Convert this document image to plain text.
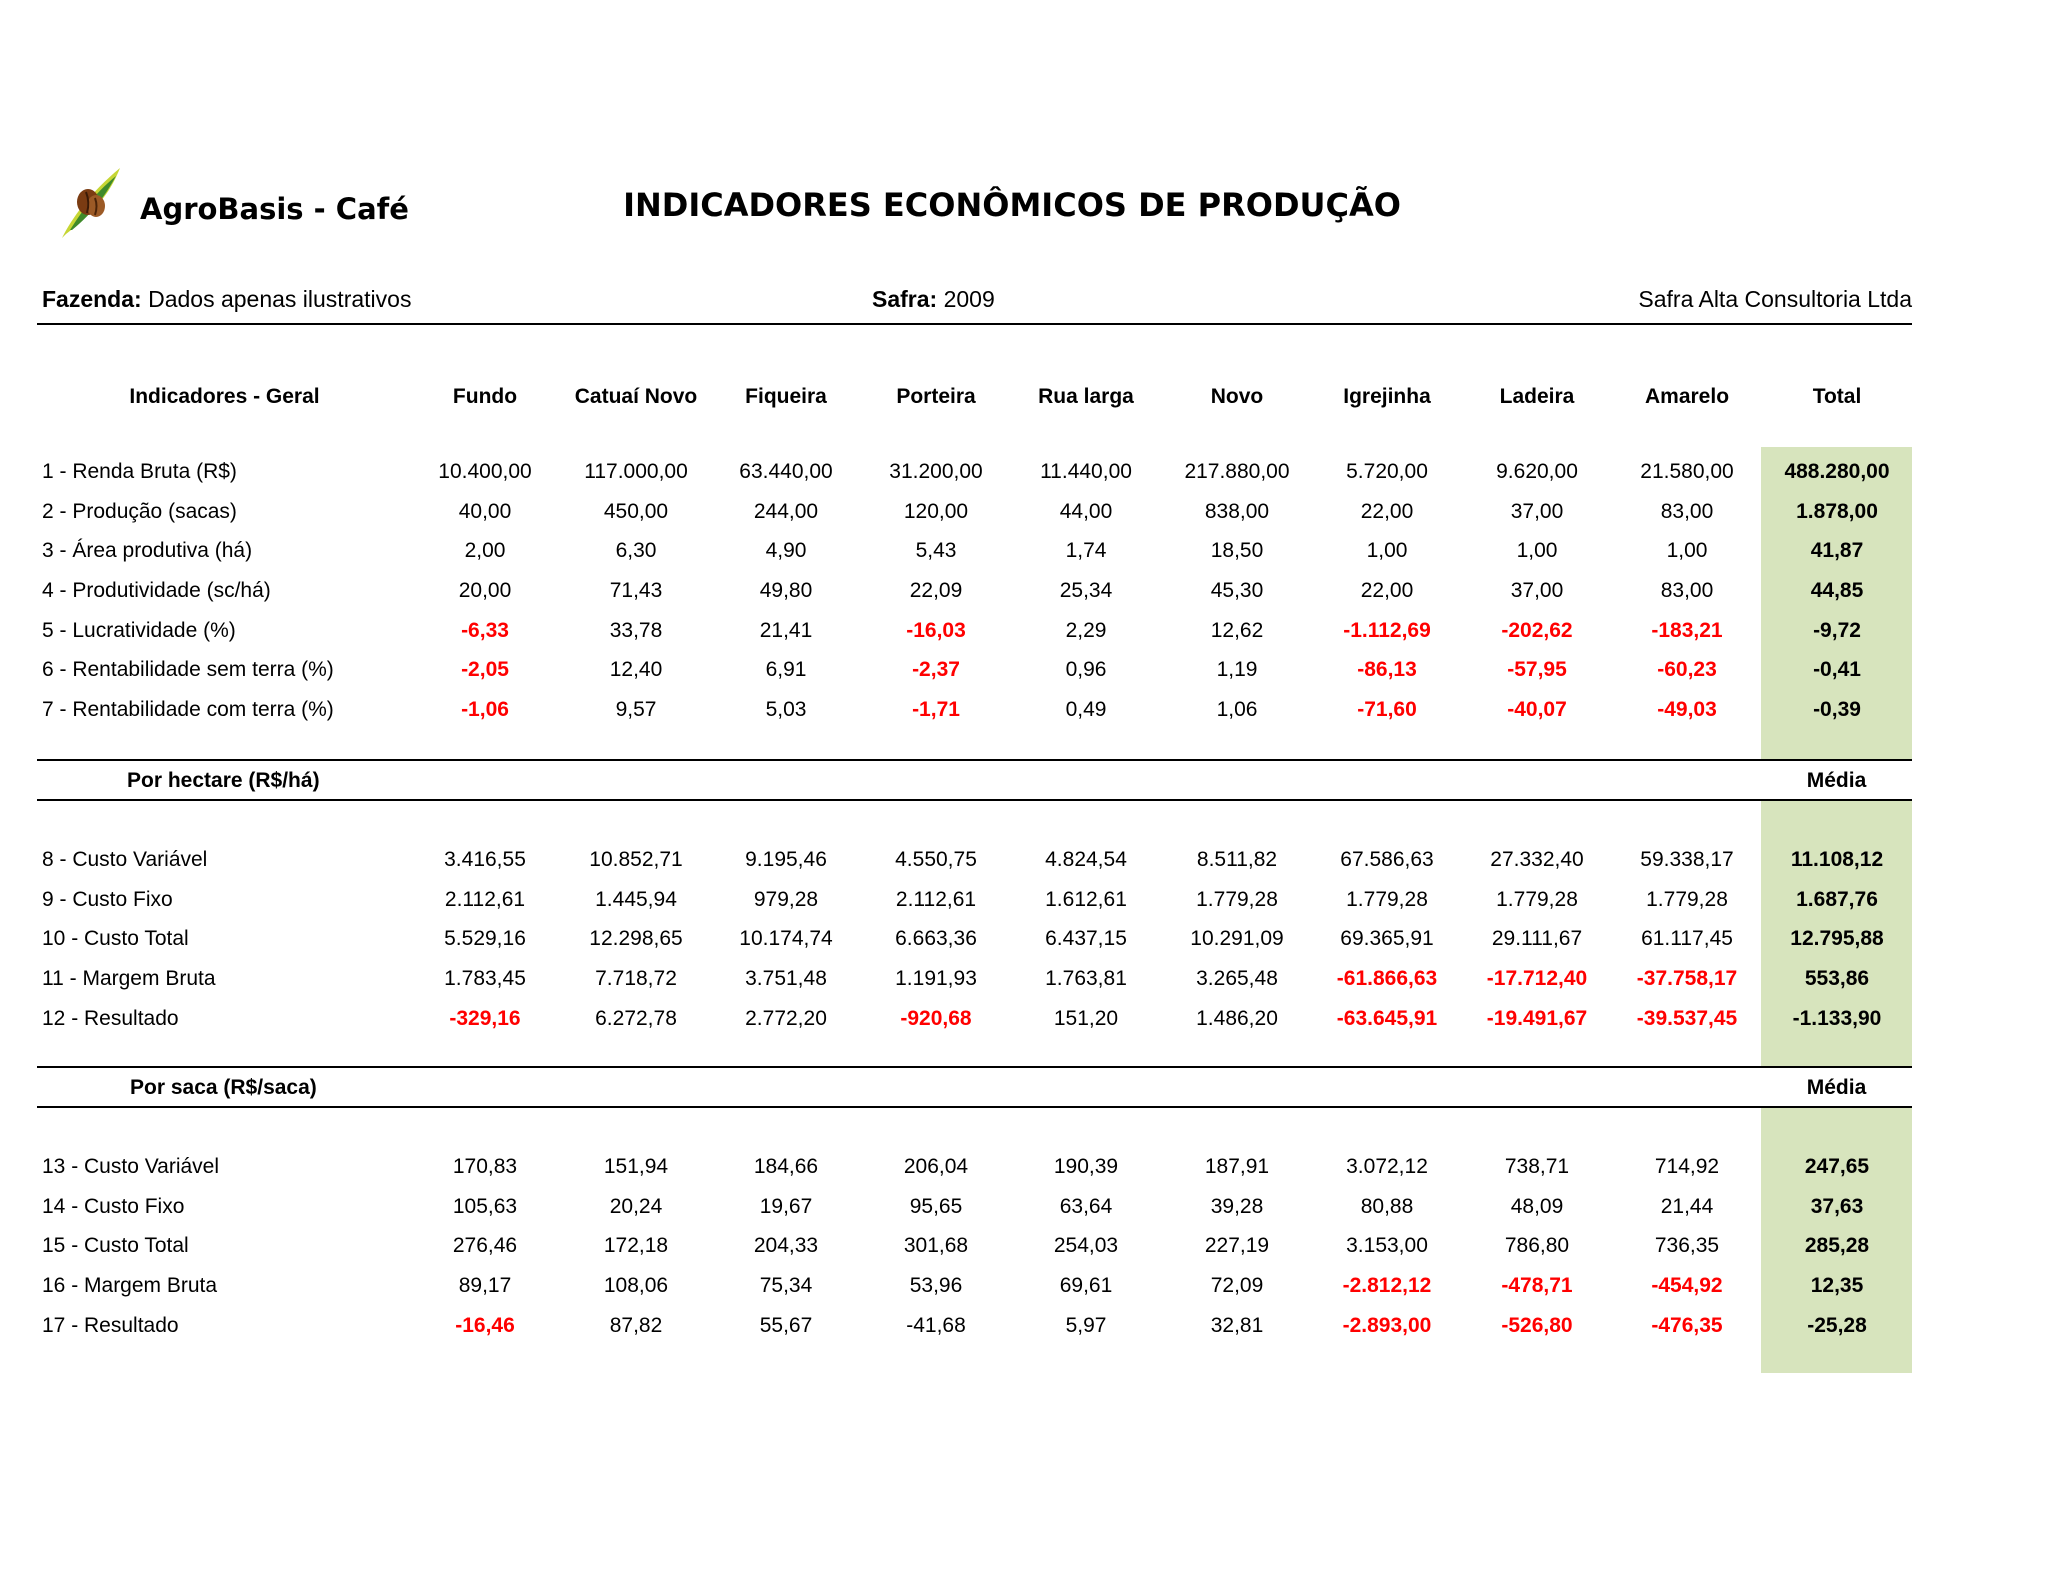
AgroBasis - Café	INDICADORES ECONÔMICOS DE PRODUÇÃO
Fazenda: Dados apenas ilustrativos	Safra: 2009	Safra Alta Consultoria Ltda
Por hectare (R$/há)	Média
Por saca (R$/saca)	Média
Indicadores - Geral	Fundo	Catuaí Novo	Fiqueira	Porteira	Rua larga	Novo	Igrejinha	Ladeira	Amarelo	Total
1 - Renda Bruta (R$)	10.400,00	117.000,00	63.440,00	31.200,00	11.440,00	217.880,00	5.720,00	9.620,00	21.580,00	488.280,00
2 - Produção (sacas)	40,00	450,00	244,00	120,00	44,00	838,00	22,00	37,00	83,00	1.878,00
3 - Área produtiva (há)	2,00	6,30	4,90	5,43	1,74	18,50	1,00	1,00	1,00	41,87
4 - Produtividade (sc/há)	20,00	71,43	49,80	22,09	25,34	45,30	22,00	37,00	83,00	44,85
5 - Lucratividade (%)	-6,33	33,78	21,41	-16,03	2,29	12,62	-1.112,69	-202,62	-183,21	-9,72
6 - Rentabilidade sem terra (%)	-2,05	12,40	6,91	-2,37	0,96	1,19	-86,13	-57,95	-60,23	-0,41
7 - Rentabilidade com terra (%)	-1,06	9,57	5,03	-1,71	0,49	1,06	-71,60	-40,07	-49,03	-0,39
8 - Custo Variável	3.416,55	10.852,71	9.195,46	4.550,75	4.824,54	8.511,82	67.586,63	27.332,40	59.338,17	11.108,12
9 - Custo Fixo	2.112,61	1.445,94	979,28	2.112,61	1.612,61	1.779,28	1.779,28	1.779,28	1.779,28	1.687,76
10 - Custo Total	5.529,16	12.298,65	10.174,74	6.663,36	6.437,15	10.291,09	69.365,91	29.111,67	61.117,45	12.795,88
11 - Margem Bruta	1.783,45	7.718,72	3.751,48	1.191,93	1.763,81	3.265,48	-61.866,63	-17.712,40	-37.758,17	553,86
12 - Resultado	-329,16	6.272,78	2.772,20	-920,68	151,20	1.486,20	-63.645,91	-19.491,67	-39.537,45	-1.133,90
13 - Custo Variável	170,83	151,94	184,66	206,04	190,39	187,91	3.072,12	738,71	714,92	247,65
14 - Custo Fixo	105,63	20,24	19,67	95,65	63,64	39,28	80,88	48,09	21,44	37,63
15 - Custo Total	276,46	172,18	204,33	301,68	254,03	227,19	3.153,00	786,80	736,35	285,28
16 - Margem Bruta	89,17	108,06	75,34	53,96	69,61	72,09	-2.812,12	-478,71	-454,92	12,35
17 - Resultado	-16,46	87,82	55,67	-41,68	5,97	32,81	-2.893,00	-526,80	-476,35	-25,28
